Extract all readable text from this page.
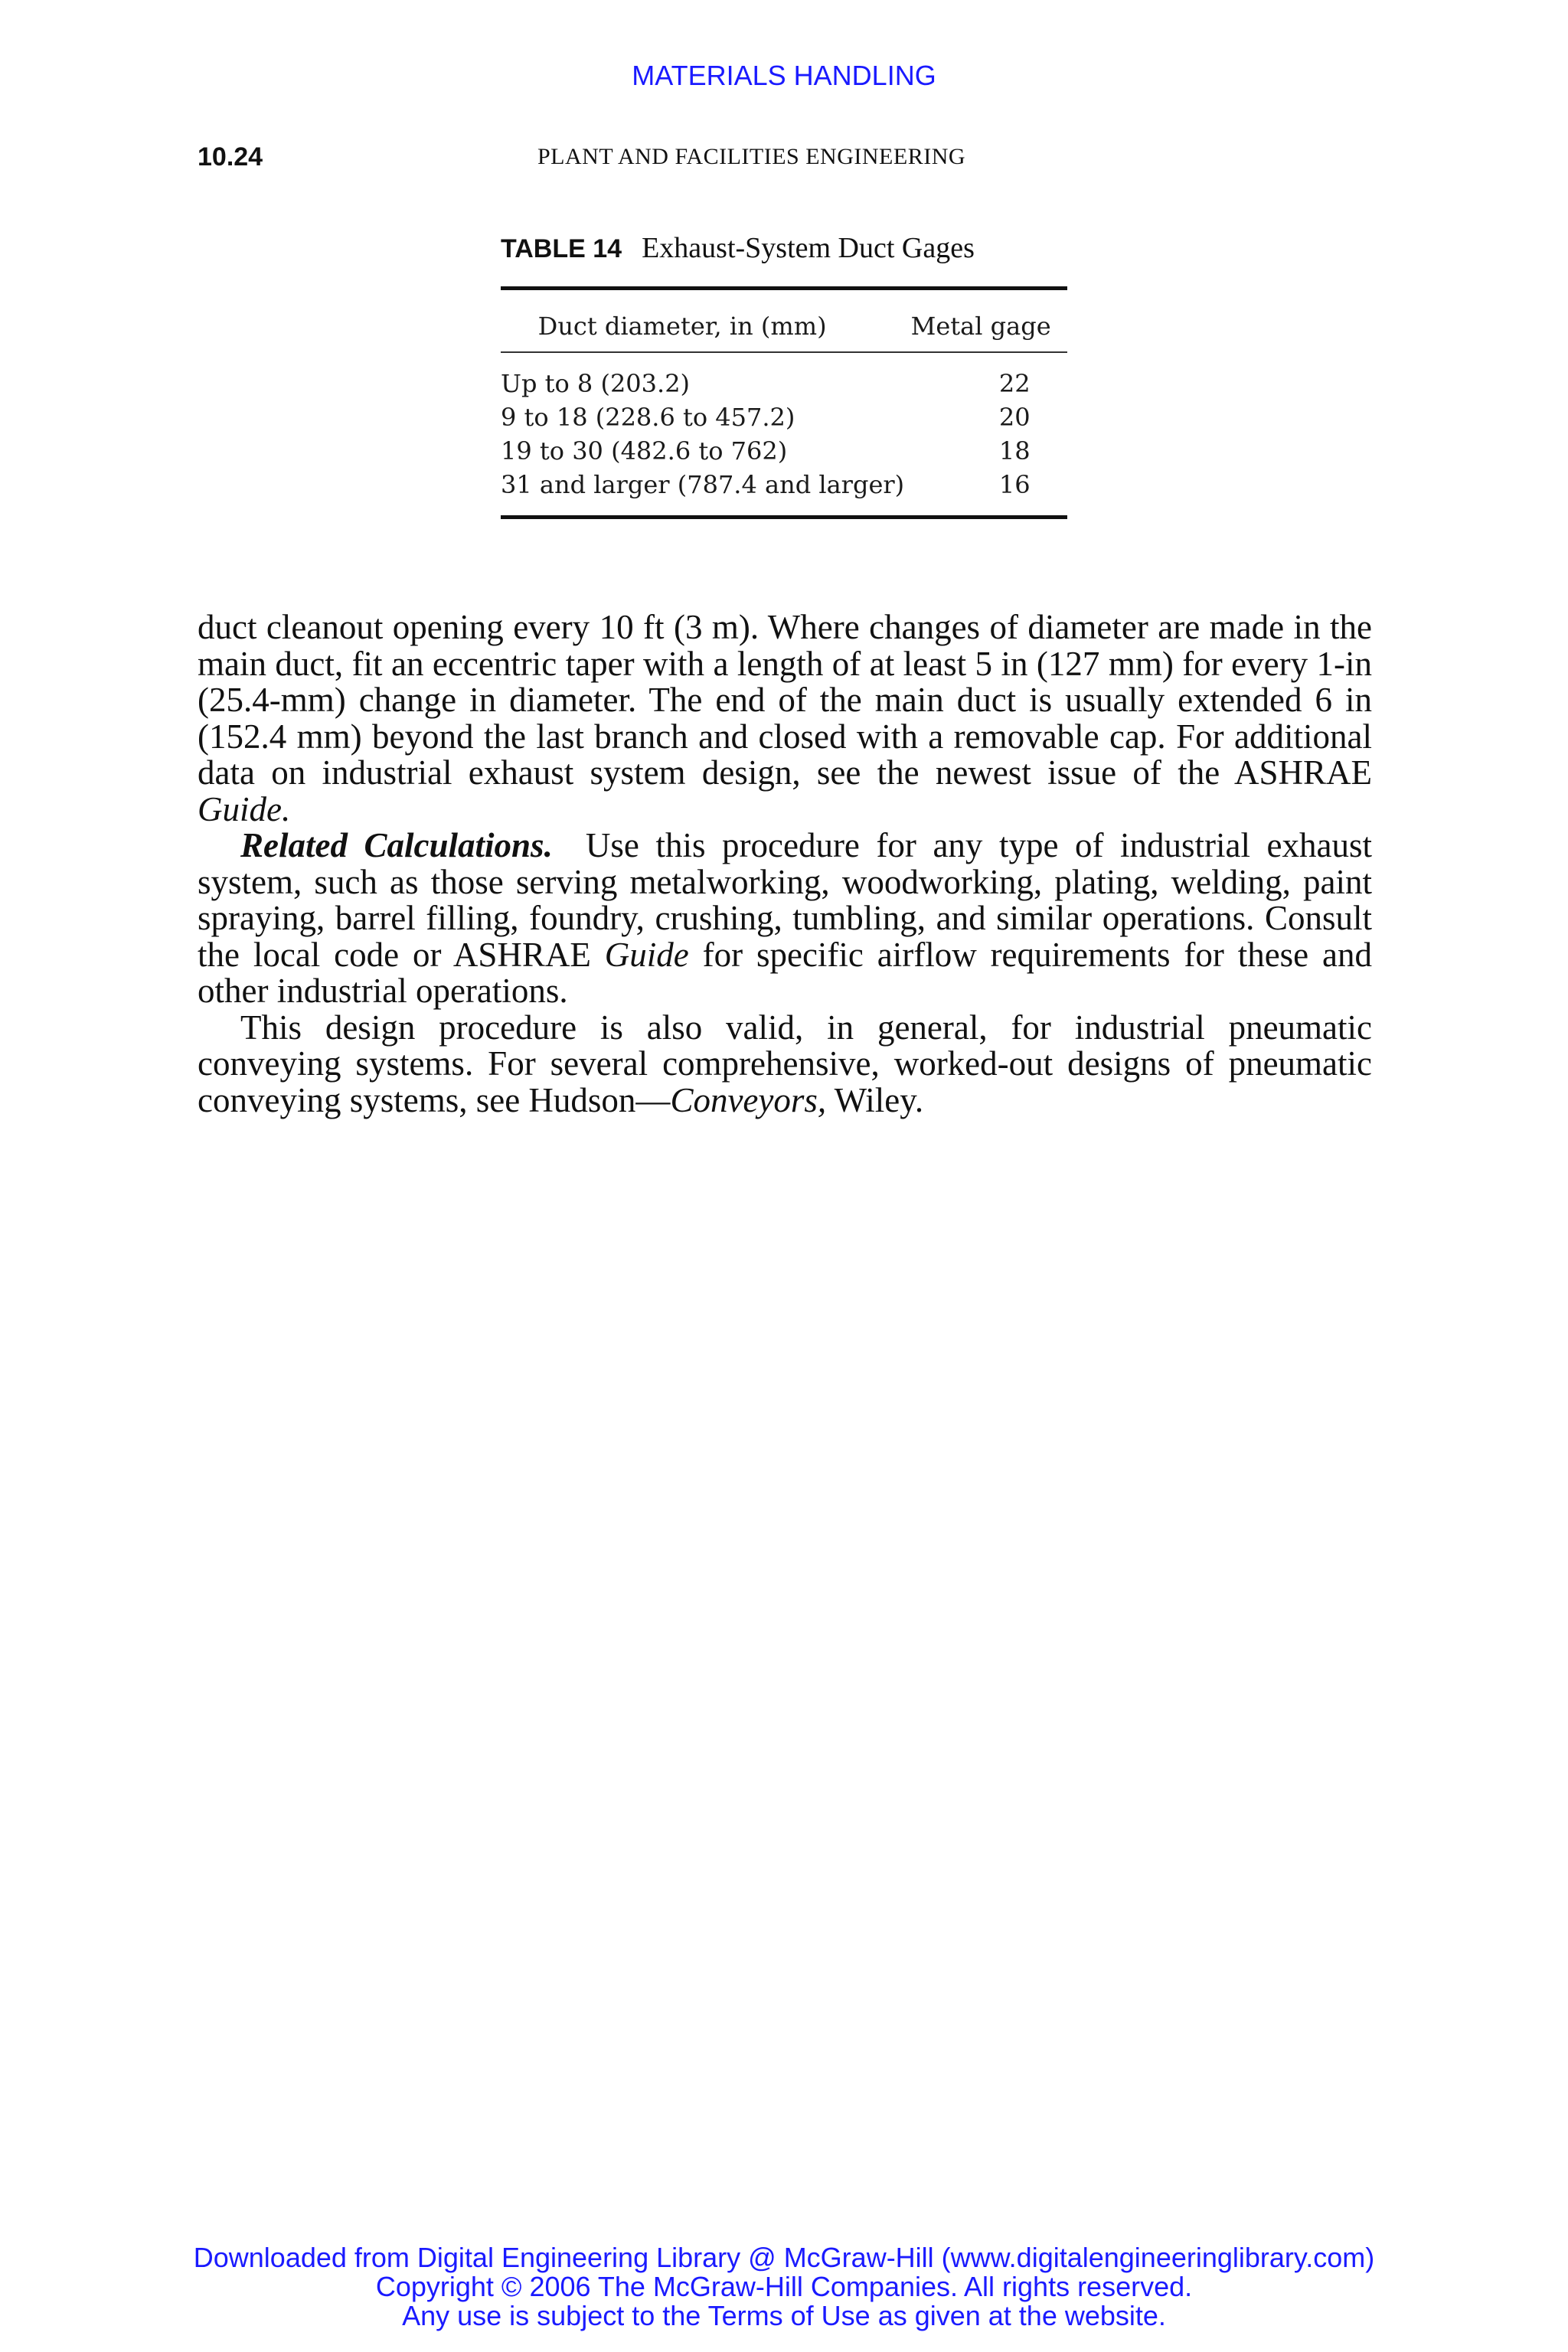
MATERIALS HANDLING
10.24	PLANT AND FACILITIES ENGINEERING
TABLE 14 Exhaust-System Duct Gages
Duct diameter, in (mm)	Metal gage
Up to 8 (203.2)	22
9 to 18 (228.6 to 457.2)	20
19 to 30 (482.6 to 762)	18
31 and larger (787.4 and larger)	16

duct cleanout opening every 10 ft (3 m). Where changes of diameter are made in the main duct, fit an eccentric taper with a length of at least 5 in (127 mm) for every 1-in (25.4-mm) change in diameter. The end of the main duct is usually extended 6 in (152.4 mm) beyond the last branch and closed with a removable cap. For additional data on industrial exhaust system design, see the newest issue of the ASHRAE Guide.

Related Calculations. Use this procedure for any type of industrial exhaust system, such as those serving metalworking, woodworking, plating, welding, paint spraying, barrel filling, foundry, crushing, tumbling, and similar operations. Consult the local code or ASHRAE Guide for specific airflow requirements for these and other industrial operations.

This design procedure is also valid, in general, for industrial pneumatic conveying systems. For several comprehensive, worked-out designs of pneumatic conveying systems, see Hudson—Conveyors, Wiley.

Downloaded from Digital Engineering Library @ McGraw-Hill (www.digitalengineeringlibrary.com)
Copyright © 2006 The McGraw-Hill Companies. All rights reserved.
Any use is subject to the Terms of Use as given at the website.
